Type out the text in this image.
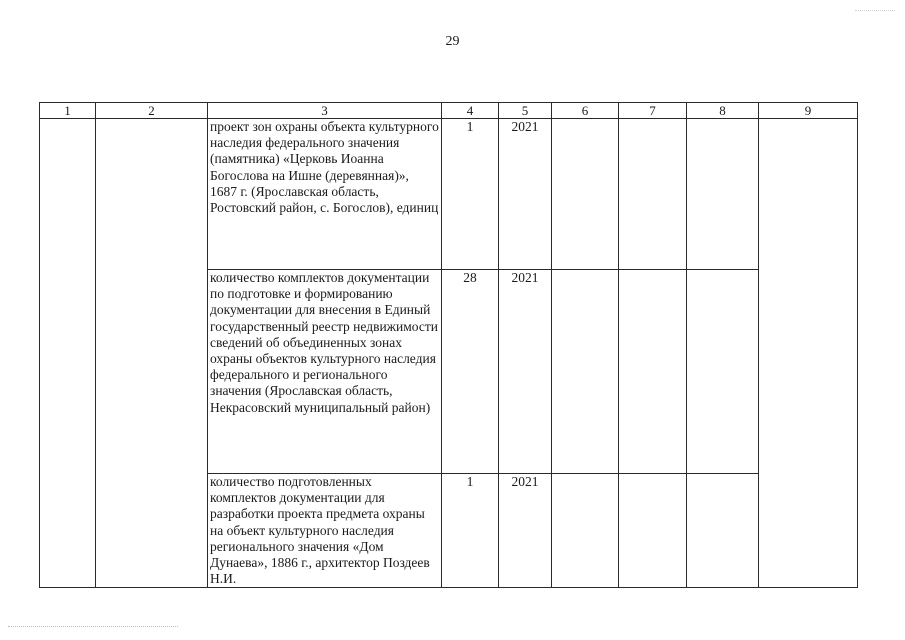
29
1	2	3	4	5	6	7	8	9
		проект зон охраны объекта культурного наследия федерального значения (памятника) «Церковь Иоанна Богослова на Ишне (деревянная)», 1687 г. (Ярославская область, Ростовский район, с. Богослов), единиц	1	2021				
		количество комплектов документации по подготовке и формированию документации для внесения в Единый государственный реестр недвижимости сведений об объединенных зонах охраны объектов культурного наследия федерального и регионального значения (Ярославская область, Некрасовский муниципальный район)	28	2021				
		количество подготовленных комплектов документации для разработки проекта предмета охраны на объект культурного наследия регионального значения «Дом Дунаева», 1886 г., архитектор Поздеев Н.И.	1	2021				
